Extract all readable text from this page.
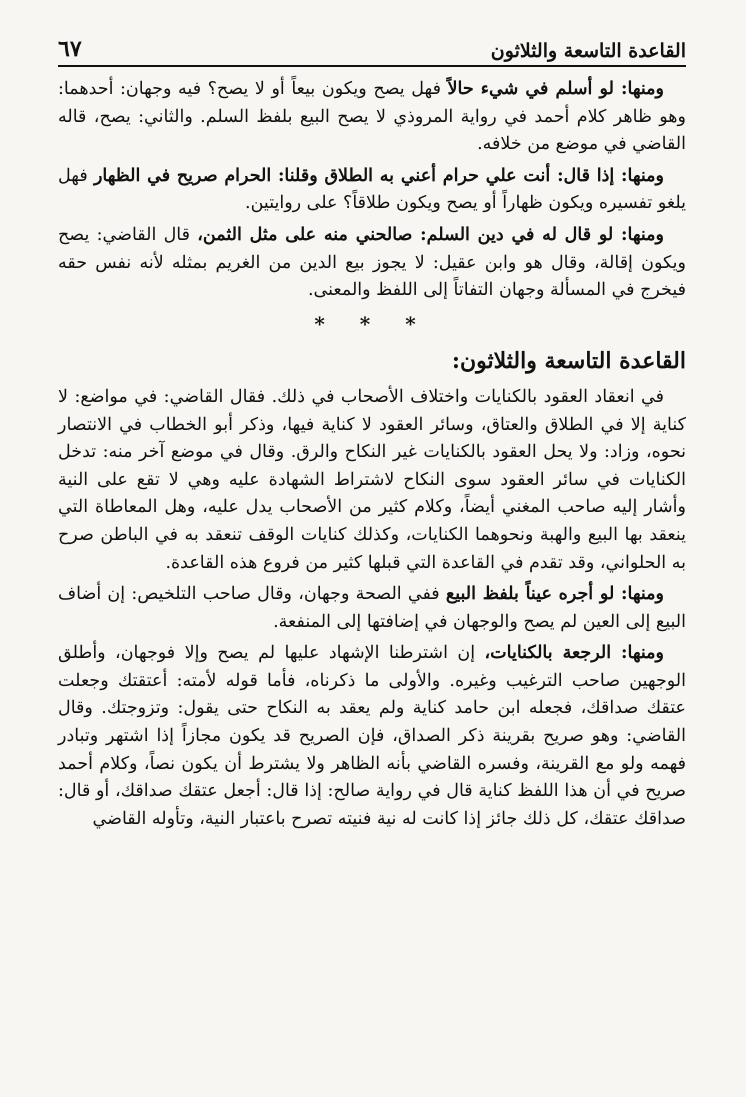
القاعدة التاسعة والثلاثون
٦٧

ومنها: لو أسلم في شيء حالاً فهل يصح ويكون بيعاً أو لا يصح؟ فيه وجهان: أحدهما: وهو ظاهر كلام أحمد في رواية المروذي لا يصح البيع بلفظ السلم. والثاني: يصح، قاله القاضي في موضع من خلافه.

ومنها: إذا قال: أنت علي حرام أعني به الطلاق وقلنا: الحرام صريح في الظهار فهل يلغو تفسيره ويكون ظهاراً أو يصح ويكون طلاقاً؟ على روايتين.

ومنها: لو قال له في دين السلم: صالحني منه على مثل الثمن، قال القاضي: يصح ويكون إقالة، وقال هو وابن عقيل: لا يجوز بيع الدين من الغريم بمثله لأنه نفس حقه فيخرج في المسألة وجهان التفاتاً إلى اللفظ والمعنى.

* * *

القاعدة التاسعة والثلاثون:

في انعقاد العقود بالكنايات واختلاف الأصحاب في ذلك. فقال القاضي: في مواضع: لا كناية إلا في الطلاق والعتاق، وسائر العقود لا كناية فيها، وذكر أبو الخطاب في الانتصار نحوه، وزاد: ولا يحل العقود بالكنايات غير النكاح والرق. وقال في موضع آخر منه: تدخل الكنايات في سائر العقود سوى النكاح لاشتراط الشهادة عليه وهي لا تقع على النية وأشار إليه صاحب المغني أيضاً، وكلام كثير من الأصحاب يدل عليه، وهل المعاطاة التي ينعقد بها البيع والهبة ونحوهما الكنايات، وكذلك كنايات الوقف تنعقد به في الباطن صرح به الحلواني، وقد تقدم في القاعدة التي قبلها كثير من فروع هذه القاعدة.

ومنها: لو أجره عيناً بلفظ البيع ففي الصحة وجهان، وقال صاحب التلخيص: إن أضاف البيع إلى العين لم يصح والوجهان في إضافتها إلى المنفعة.

ومنها: الرجعة بالكنايات، إن اشترطنا الإشهاد عليها لم يصح وإلا فوجهان، وأطلق الوجهين صاحب الترغيب وغيره. والأولى ما ذكرناه، فأما قوله لأمته: أعتقتك وجعلت عتقك صداقك، فجعله ابن حامد كناية ولم يعقد به النكاح حتى يقول: وتزوجتك. وقال القاضي: وهو صريح بقرينة ذكر الصداق، فإن الصريح قد يكون مجازاً إذا اشتهر وتبادر فهمه ولو مع القرينة، وفسره القاضي بأنه الظاهر ولا يشترط أن يكون نصاً، وكلام أحمد صريح في أن هذا اللفظ كناية قال في رواية صالح: إذا قال: أجعل عتقك صداقك، أو قال: صداقك عتقك، كل ذلك جائز إذا كانت له نية فنيته تصرح باعتبار النية، وتأوله القاضي
